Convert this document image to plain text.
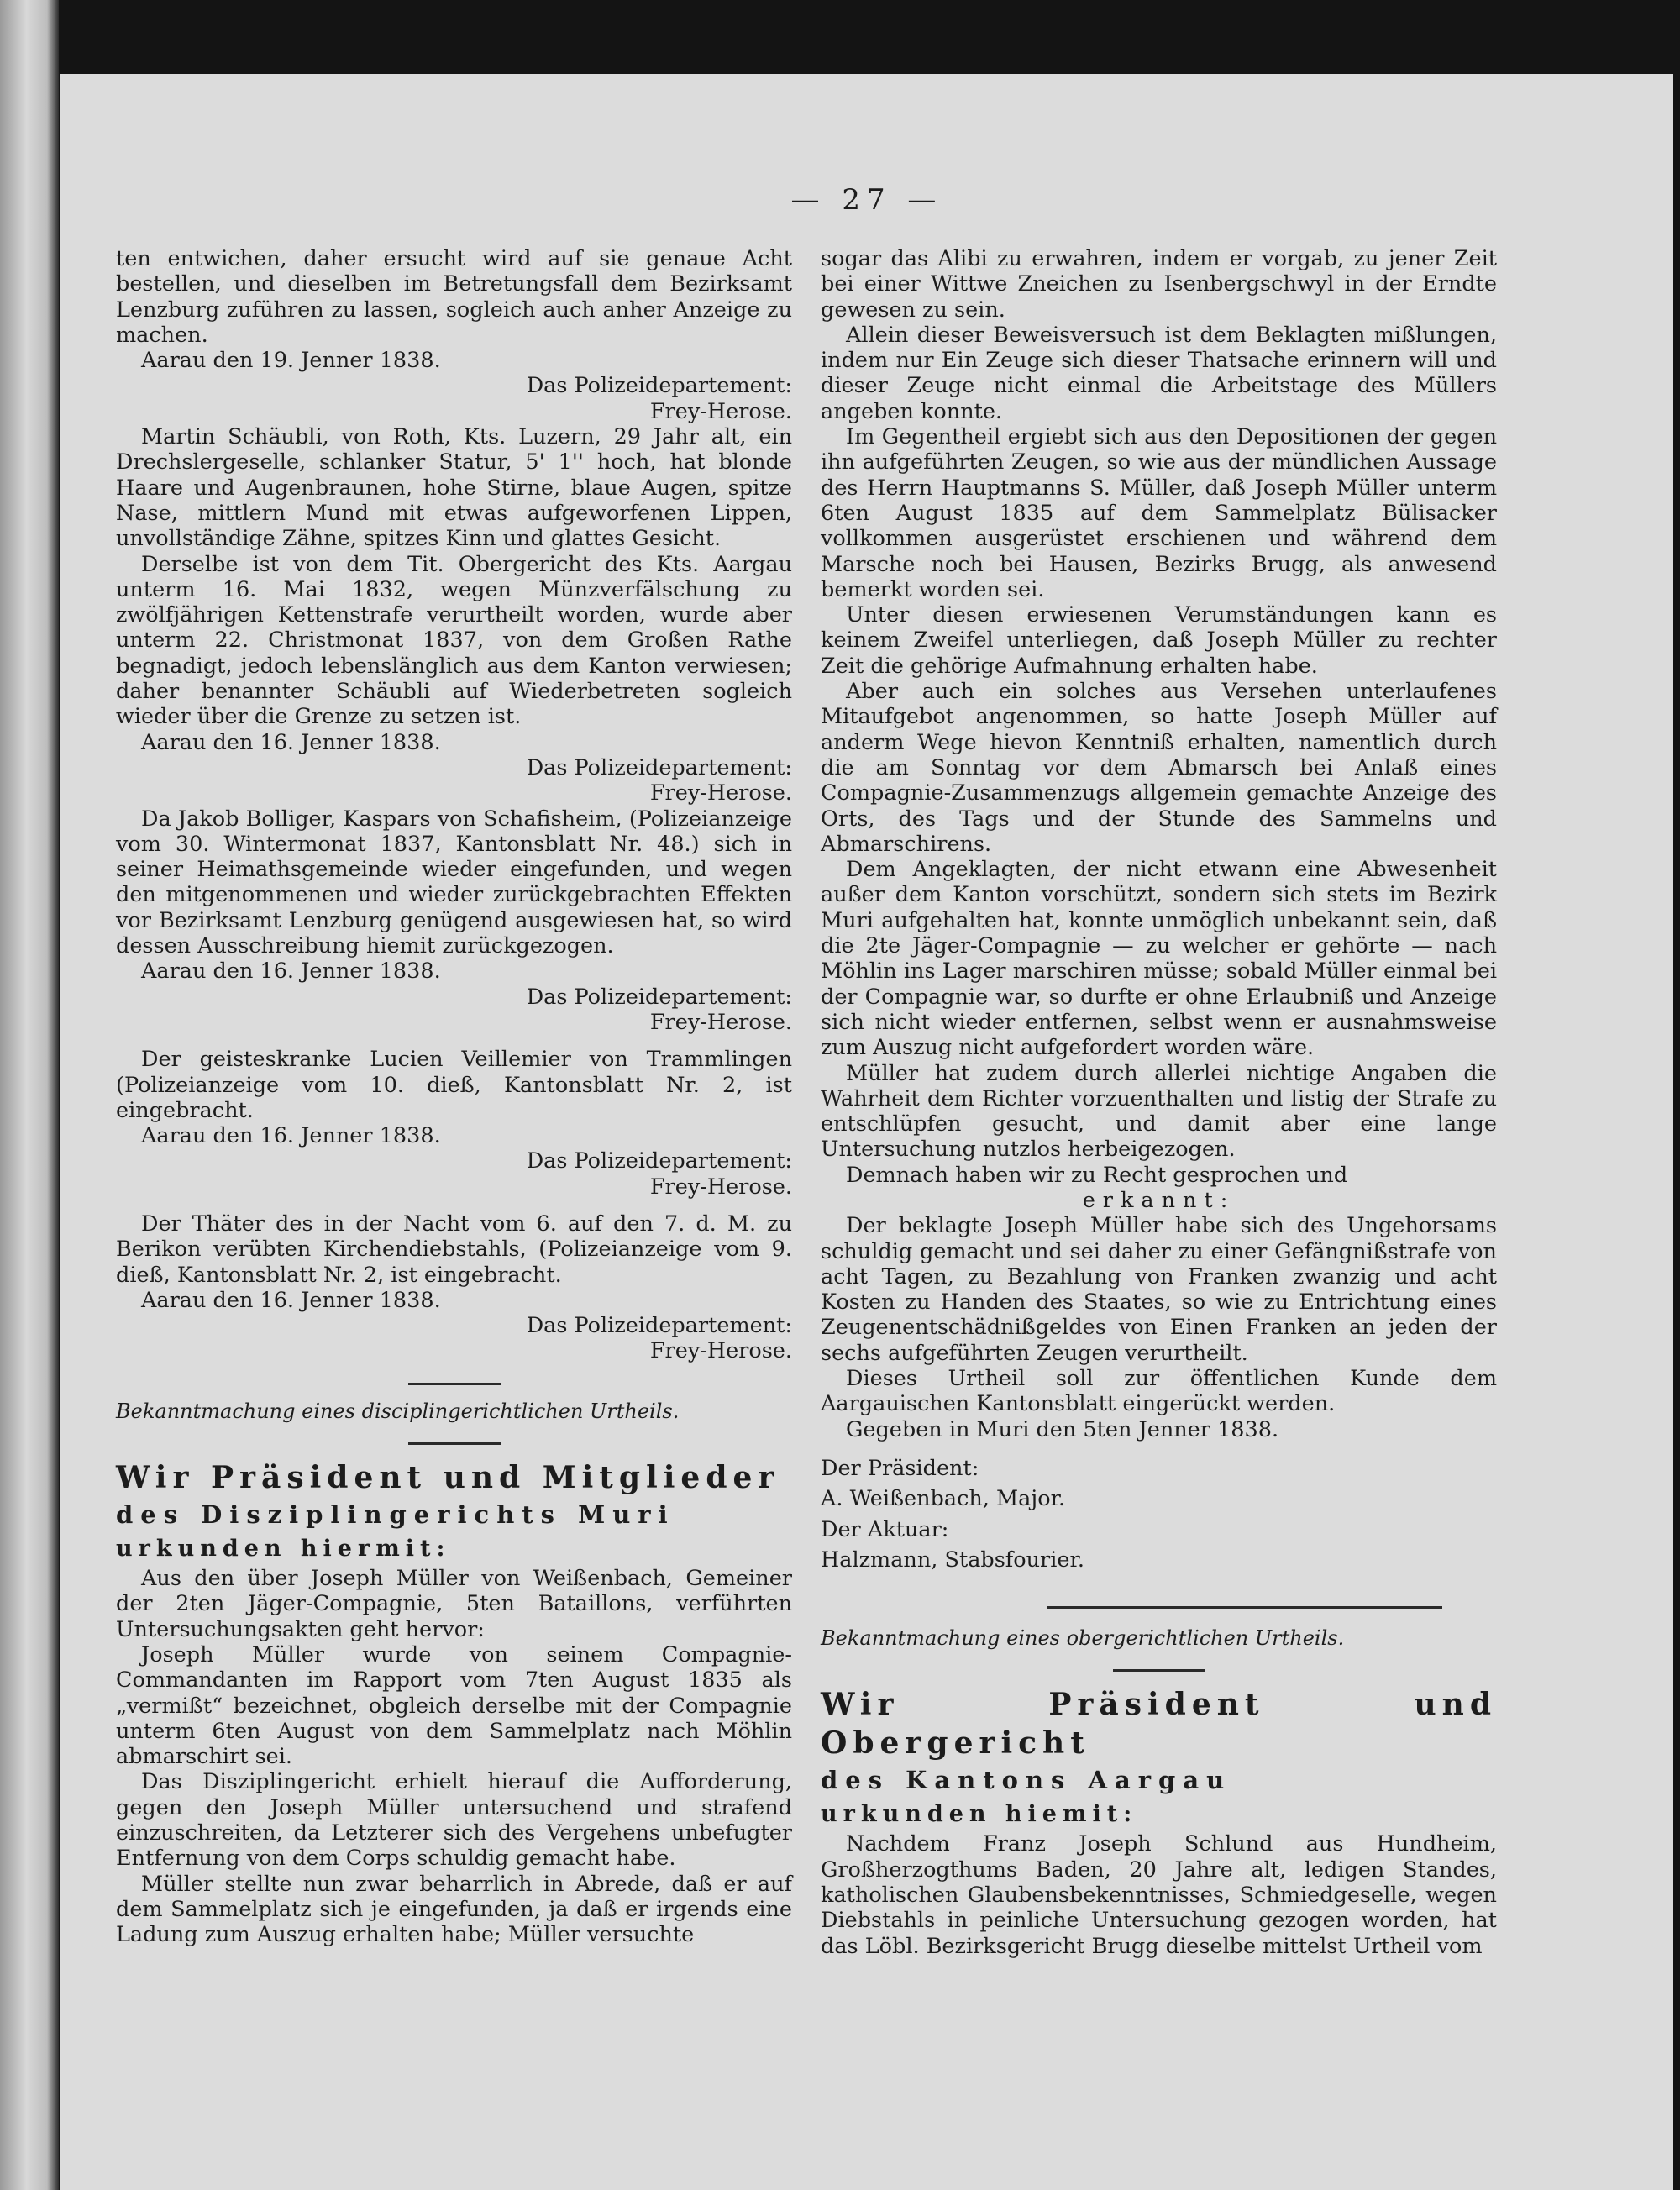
— 27 —

ten entwichen, daher ersucht wird auf sie genaue Acht bestellen, und dieselben im Betretungsfall dem Bezirksamt Lenzburg zuführen zu lassen, sogleich auch anher Anzeige zu machen.

Aarau den 19. Jenner 1838.

Das Polizeidepartement:

Frey-Herose.

Martin Schäubli, von Roth, Kts. Luzern, 29 Jahr alt, ein Drechslergeselle, schlanker Statur, 5' 1'' hoch, hat blonde Haare und Augenbraunen, hohe Stirne, blaue Augen, spitze Nase, mittlern Mund mit etwas aufgeworfenen Lippen, unvollständige Zähne, spitzes Kinn und glattes Gesicht.

Derselbe ist von dem Tit. Obergericht des Kts. Aargau unterm 16. Mai 1832, wegen Münzverfälschung zu zwölfjährigen Kettenstrafe verurtheilt worden, wurde aber unterm 22. Christmonat 1837, von dem Großen Rathe begnadigt, jedoch lebenslänglich aus dem Kanton verwiesen; daher benannter Schäubli auf Wiederbetreten sogleich wieder über die Grenze zu setzen ist.

Aarau den 16. Jenner 1838.

Das Polizeidepartement:

Frey-Herose.

Da Jakob Bolliger, Kaspars von Schafisheim, (Polizeianzeige vom 30. Wintermonat 1837, Kantonsblatt Nr. 48.) sich in seiner Heimathsgemeinde wieder eingefunden, und wegen den mitgenommenen und wieder zurückgebrachten Effekten vor Bezirksamt Lenzburg genügend ausgewiesen hat, so wird dessen Ausschreibung hiemit zurückgezogen.

Aarau den 16. Jenner 1838.

Das Polizeidepartement:

Frey-Herose.

Der geisteskranke Lucien Veillemier von Trammlingen (Polizeianzeige vom 10. dieß, Kantonsblatt Nr. 2, ist eingebracht.

Aarau den 16. Jenner 1838.

Das Polizeidepartement:

Frey-Herose.

Der Thäter des in der Nacht vom 6. auf den 7. d. M. zu Berikon verübten Kirchendiebstahls, (Polizeianzeige vom 9. dieß, Kantonsblatt Nr. 2, ist eingebracht.

Aarau den 16. Jenner 1838.

Das Polizeidepartement:

Frey-Herose.

Bekanntmachung eines disciplingerichtlichen Urtheils.

Wir Präsident und Mitglieder

des Disziplingerichts Muri

urkunden hiermit:

Aus den über Joseph Müller von Weißenbach, Gemeiner der 2ten Jäger-Compagnie, 5ten Bataillons, verführten Untersuchungsakten geht hervor:

Joseph Müller wurde von seinem Compagnie-Commandanten im Rapport vom 7ten August 1835 als „vermißt“ bezeichnet, obgleich derselbe mit der Compagnie unterm 6ten August von dem Sammelplatz nach Möhlin abmarschirt sei.

Das Disziplingericht erhielt hierauf die Aufforderung, gegen den Joseph Müller untersuchend und strafend einzuschreiten, da Letzterer sich des Vergehens unbefugter Entfernung von dem Corps schuldig gemacht habe.

Müller stellte nun zwar beharrlich in Abrede, daß er auf dem Sammelplatz sich je eingefunden, ja daß er irgends eine Ladung zum Auszug erhalten habe; Müller versuchte

sogar das Alibi zu erwahren, indem er vorgab, zu jener Zeit bei einer Wittwe Zneichen zu Isenbergschwyl in der Erndte gewesen zu sein.

Allein dieser Beweisversuch ist dem Beklagten mißlungen, indem nur Ein Zeuge sich dieser Thatsache erinnern will und dieser Zeuge nicht einmal die Arbeitstage des Müllers angeben konnte.

Im Gegentheil ergiebt sich aus den Depositionen der gegen ihn aufgeführten Zeugen, so wie aus der mündlichen Aussage des Herrn Hauptmanns S. Müller, daß Joseph Müller unterm 6ten August 1835 auf dem Sammelplatz Bülisacker vollkommen ausgerüstet erschienen und während dem Marsche noch bei Hausen, Bezirks Brugg, als anwesend bemerkt worden sei.

Unter diesen erwiesenen Verumständungen kann es keinem Zweifel unterliegen, daß Joseph Müller zu rechter Zeit die gehörige Aufmahnung erhalten habe.

Aber auch ein solches aus Versehen unterlaufenes Mitaufgebot angenommen, so hatte Joseph Müller auf anderm Wege hievon Kenntniß erhalten, namentlich durch die am Sonntag vor dem Abmarsch bei Anlaß eines Compagnie-Zusammenzugs allgemein gemachte Anzeige des Orts, des Tags und der Stunde des Sammelns und Abmarschirens.

Dem Angeklagten, der nicht etwann eine Abwesenheit außer dem Kanton vorschützt, sondern sich stets im Bezirk Muri aufgehalten hat, konnte unmöglich unbekannt sein, daß die 2te Jäger-Compagnie — zu welcher er gehörte — nach Möhlin ins Lager marschiren müsse; sobald Müller einmal bei der Compagnie war, so durfte er ohne Erlaubniß und Anzeige sich nicht wieder entfernen, selbst wenn er ausnahmsweise zum Auszug nicht aufgefordert worden wäre.

Müller hat zudem durch allerlei nichtige Angaben die Wahrheit dem Richter vorzuenthalten und listig der Strafe zu entschlüpfen gesucht, und damit aber eine lange Untersuchung nutzlos herbeigezogen.

Demnach haben wir zu Recht gesprochen und

erkannt:

Der beklagte Joseph Müller habe sich des Ungehorsams schuldig gemacht und sei daher zu einer Gefängnißstrafe von acht Tagen, zu Bezahlung von Franken zwanzig und acht Kosten zu Handen des Staates, so wie zu Entrichtung eines Zeugenentschädnißgeldes von Einen Franken an jeden der sechs aufgeführten Zeugen verurtheilt.

Dieses Urtheil soll zur öffentlichen Kunde dem Aargauischen Kantonsblatt eingerückt werden.

Gegeben in Muri den 5ten Jenner 1838.

Der Präsident:

A. Weißenbach, Major.

Der Aktuar:

Halzmann, Stabsfourier.

Bekanntmachung eines obergerichtlichen Urtheils.

Wir Präsident und Obergericht

des Kantons Aargau

urkunden hiemit:

Nachdem Franz Joseph Schlund aus Hundheim, Großherzogthums Baden, 20 Jahre alt, ledigen Standes, katholischen Glaubensbekenntnisses, Schmiedgeselle, wegen Diebstahls in peinliche Untersuchung gezogen worden, hat das Löbl. Bezirksgericht Brugg dieselbe mittelst Urtheil vom
